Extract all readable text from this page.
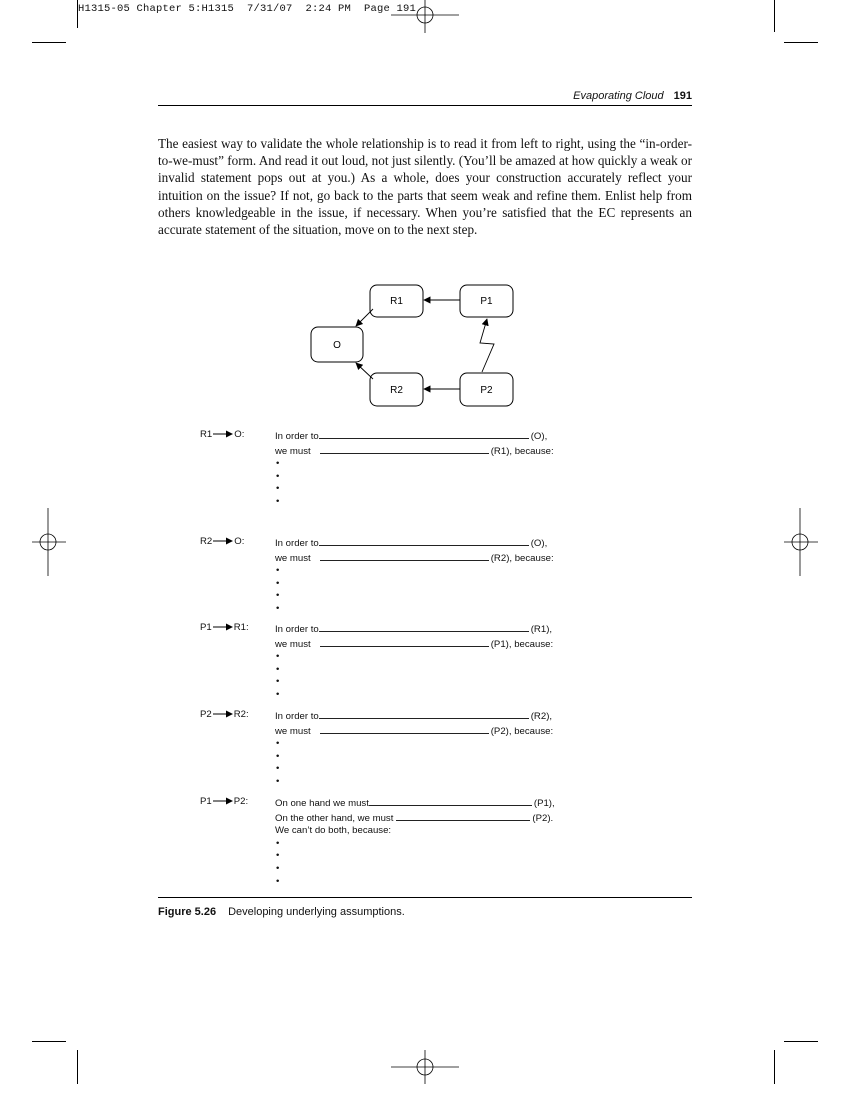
H1315-05 Chapter 5:H1315  7/31/07  2:24 PM  Page 191
Evaporating Cloud 191
The easiest way to validate the whole relationship is to read it from left to right, using the “in-order-to-we-must” form. And read it out loud, not just silently. (You’ll be amazed at how quickly a weak or invalid statement pops out at you.) As a whole, does your construction accurately reflect your intuition on the issue? If not, go back to the parts that seem weak and refine them. Enlist help from others knowledgeable in the issue, if necessary. When you’re satisfied that the EC represents an accurate statement of the situation, move on to the next step.
R1	P1
O
R2	P2
R1 O:	In order to	(O),
we must	(R1), because:
•
•
•
•
R2 O:	In order to	(O),
we must	(R2), because:
•
•
•
•
P1 R1:	In order to	(R1),
we must	(P1), because:
•
•
•
•
P2 R2:	In order to	(R2),
we must	(P2), because:
•
•
•
•
P1 P2:	On one hand we must	(P1),
On the other hand, we must	(P2).
We can’t do both, because:
•
•
•
•
Figure 5.26 Developing underlying assumptions.
